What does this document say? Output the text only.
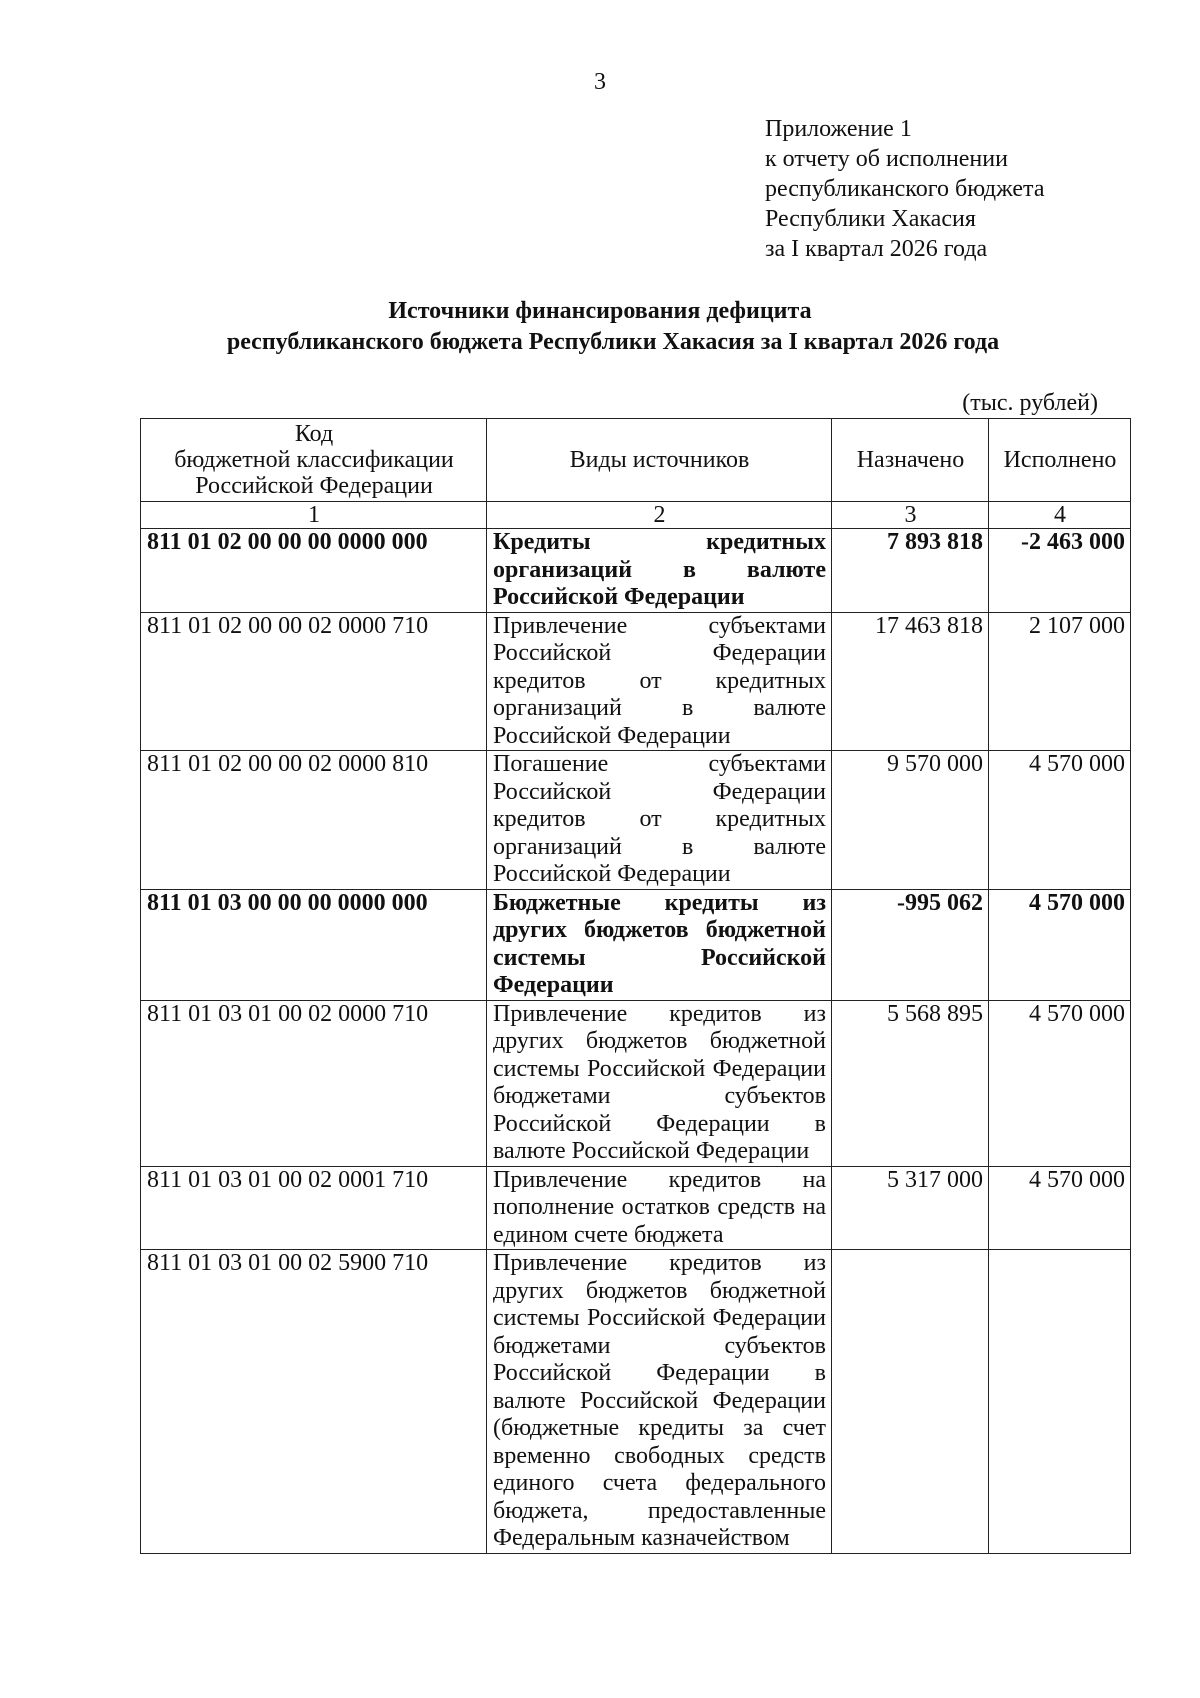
3
Приложение 1
к отчету об исполнении
республиканского бюджета
Республики Хакасия
за I квартал 2026 года
Источники финансирования дефицита
республиканского бюджета Республики Хакасия за I квартал 2026 года
(тыс. рублей)
Код
бюджетной классификации
Российской Федерации	Виды источников	Назначено	Исполнено
1	2	3	4
811 01 02 00 00 00 0000 000	Кредиты кредитных организаций в валюте Российской Федерации	7 893 818	-2 463 000
811 01 02 00 00 02 0000 710	Привлечение субъектами Российской Федерации кредитов от кредитных организаций в валюте Российской Федерации	17 463 818	2 107 000
811 01 02 00 00 02 0000 810	Погашение субъектами Российской Федерации кредитов от кредитных организаций в валюте Российской Федерации	9 570 000	4 570 000
811 01 03 00 00 00 0000 000	Бюджетные кредиты из других бюджетов бюджетной системы Российской Федерации	-995 062	4 570 000
811 01 03 01 00 02 0000 710	Привлечение кредитов из других бюджетов бюджетной системы Российской Федерации бюджетами субъектов Российской Федерации в валюте Российской Федерации	5 568 895	4 570 000
811 01 03 01 00 02 0001 710	Привлечение кредитов на пополнение остатков средств на едином счете бюджета	5 317 000	4 570 000
811 01 03 01 00 02 5900 710	Привлечение кредитов из других бюджетов бюджетной системы Российской Федерации бюджетами субъектов Российской Федерации в валюте Российской Федерации (бюджетные кредиты за счет временно свободных средств единого счета федерального бюджета, предоставленные Федеральным казначейством		
